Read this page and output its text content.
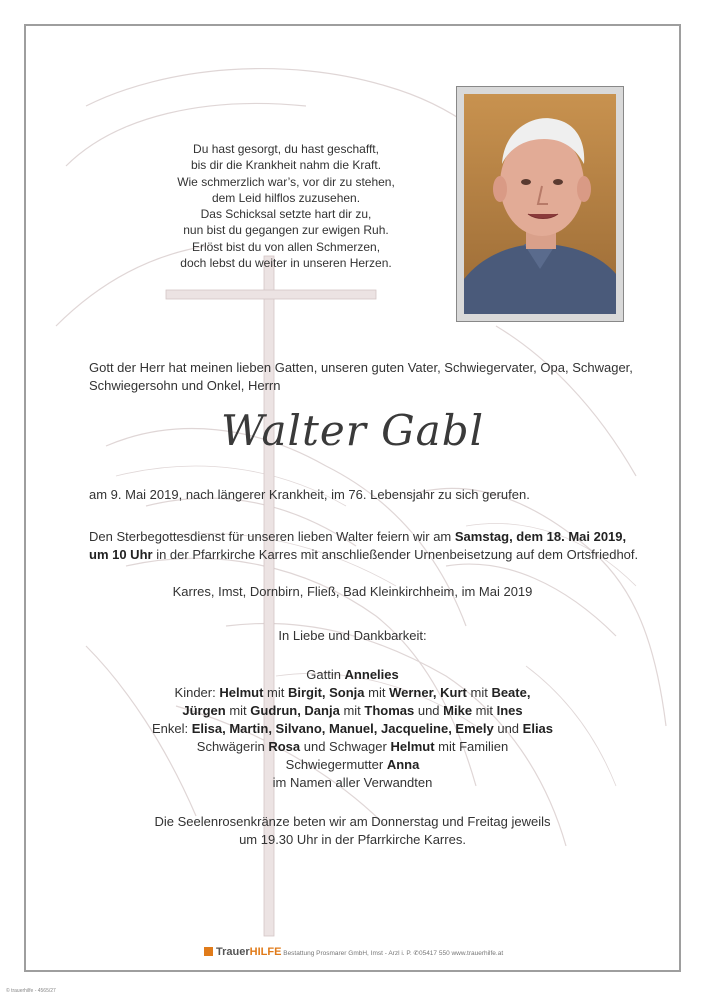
Du hast gesorgt, du hast geschafft,
bis dir die Krankheit nahm die Kraft.
Wie schmerzlich war’s, vor dir zu stehen,
dem Leid hilflos zuzusehen.
Das Schicksal setzte hart dir zu,
nun bist du gegangen zur ewigen Ruh.
Erlöst bist du von allen Schmerzen,
doch lebst du weiter in unseren Herzen.
Gott der Herr hat meinen lieben Gatten, unseren guten Vater, Schwiegervater, Opa, Schwager, Schwiegersohn und Onkel, Herrn
Walter Gabl
am 9. Mai 2019, nach längerer Krankheit, im 76. Lebensjahr zu sich gerufen.
Den Sterbegottesdienst für unseren lieben Walter feiern wir am Samstag, dem 18. Mai 2019, um 10 Uhr in der Pfarrkirche Karres mit anschließender Urnenbeisetzung auf dem Ortsfriedhof.
Karres, Imst, Dornbirn, Fließ, Bad Kleinkirchheim, im Mai 2019
In Liebe und Dankbarkeit:
Gattin Annelies
Kinder: Helmut mit Birgit, Sonja mit Werner, Kurt mit Beate,
Jürgen mit Gudrun, Danja mit Thomas und Mike mit Ines
Enkel: Elisa, Martin, Silvano, Manuel, Jacqueline, Emely und Elias
Schwägerin Rosa und Schwager Helmut mit Familien
Schwiegermutter Anna
im Namen aller Verwandten
Die Seelenrosenkränze beten wir am Donnerstag und Freitag jeweils
um 19.30 Uhr in der Pfarrkirche Karres.
TrauerHILFE Bestattung Prosmarer GmbH, Imst - Arzl i. P. ✆05417 550 www.trauerhilfe.at
© trauerhilfe - 4565/27
